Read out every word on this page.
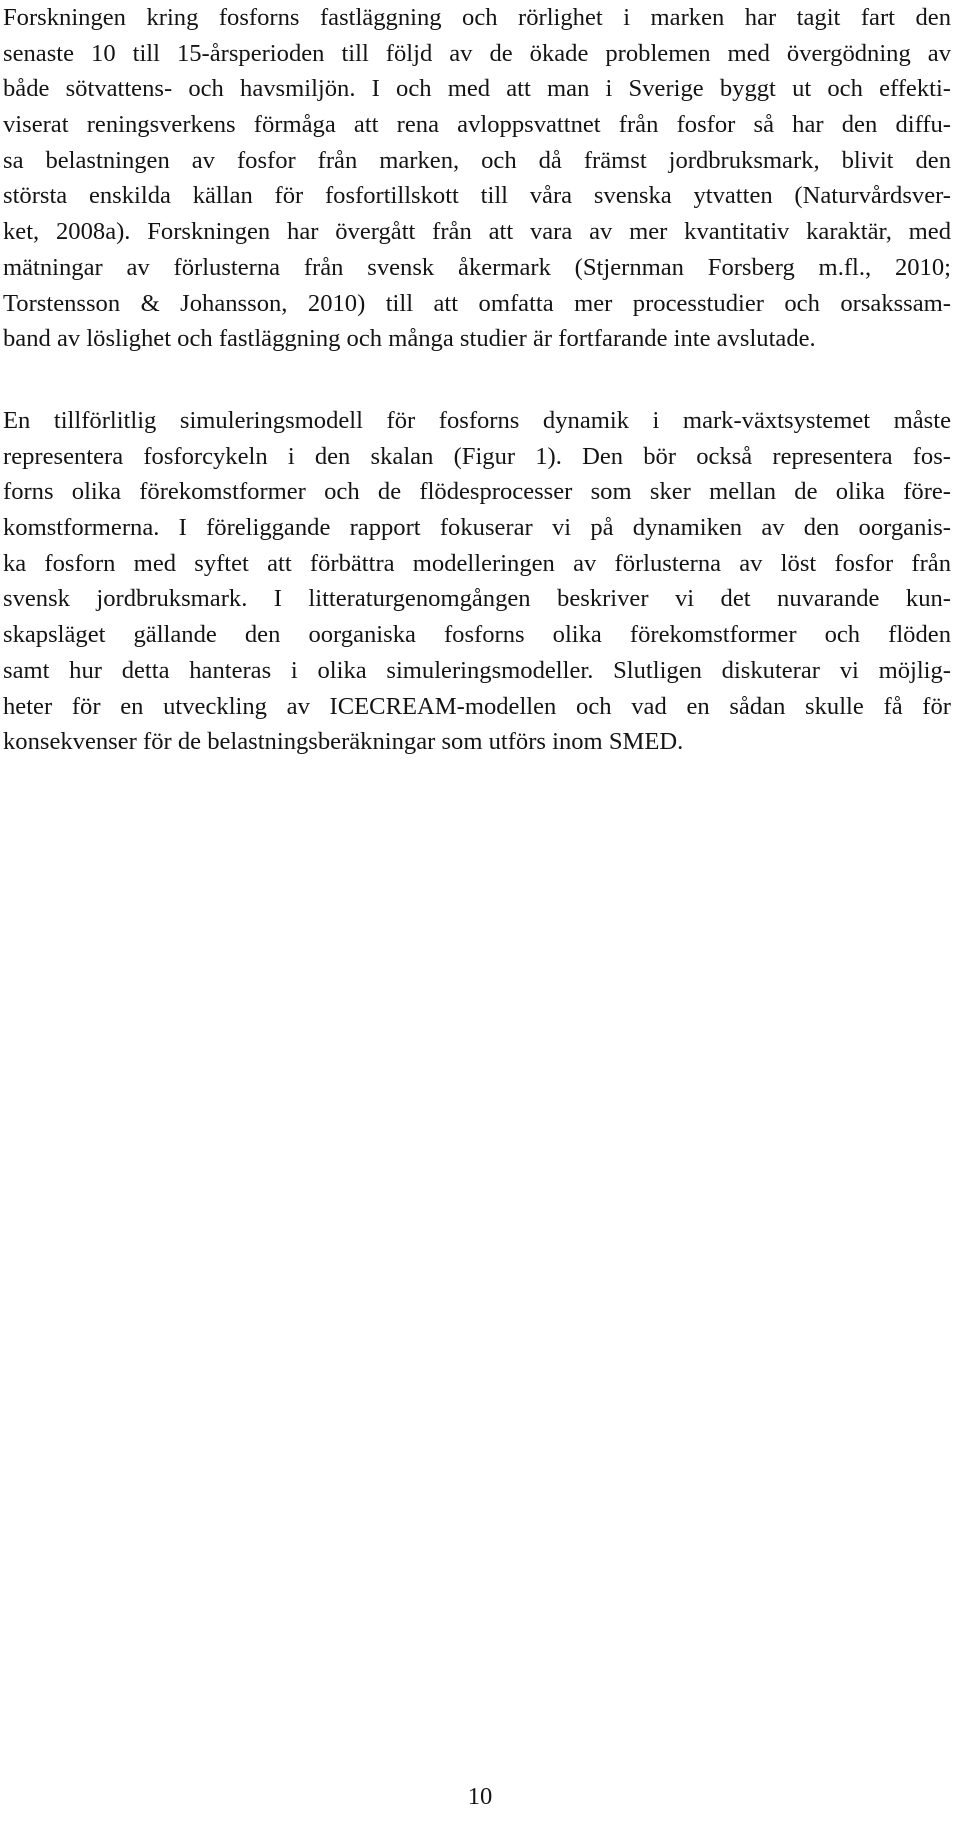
Forskningen kring fosforns fastläggning och rörlighet i marken har tagit fart den
senaste 10 till 15-årsperioden till följd av de ökade problemen med övergödning av
både sötvattens- och havsmiljön. I och med att man i Sverige byggt ut och effekti-
viserat reningsverkens förmåga att rena avloppsvattnet från fosfor så har den diffu-
sa belastningen av fosfor från marken, och då främst jordbruksmark, blivit den
största enskilda källan för fosfortillskott till våra svenska ytvatten (Naturvårdsver-
ket, 2008a). Forskningen har övergått från att vara av mer kvantitativ karaktär, med
mätningar av förlusterna från svensk åkermark (Stjernman Forsberg m.fl., 2010;
Torstensson & Johansson, 2010) till att omfatta mer processtudier och orsakssam-
band av löslighet och fastläggning och många studier är fortfarande inte avslutade.
En tillförlitlig simuleringsmodell för fosforns dynamik i mark-växtsystemet måste
representera fosforcykeln i den skalan (Figur 1). Den bör också representera fos-
forns olika förekomstformer och de flödesprocesser som sker mellan de olika före-
komstformerna. I föreliggande rapport fokuserar vi på dynamiken av den oorganis-
ka fosforn med syftet att förbättra modelleringen av förlusterna av löst fosfor från
svensk jordbruksmark. I litteraturgenomgången beskriver vi det nuvarande kun-
skapsläget gällande den oorganiska fosforns olika förekomstformer och flöden
samt hur detta hanteras i olika simuleringsmodeller. Slutligen diskuterar vi möjlig-
heter för en utveckling av ICECREAM-modellen och vad en sådan skulle få för
konsekvenser för de belastningsberäkningar som utförs inom SMED.
10
